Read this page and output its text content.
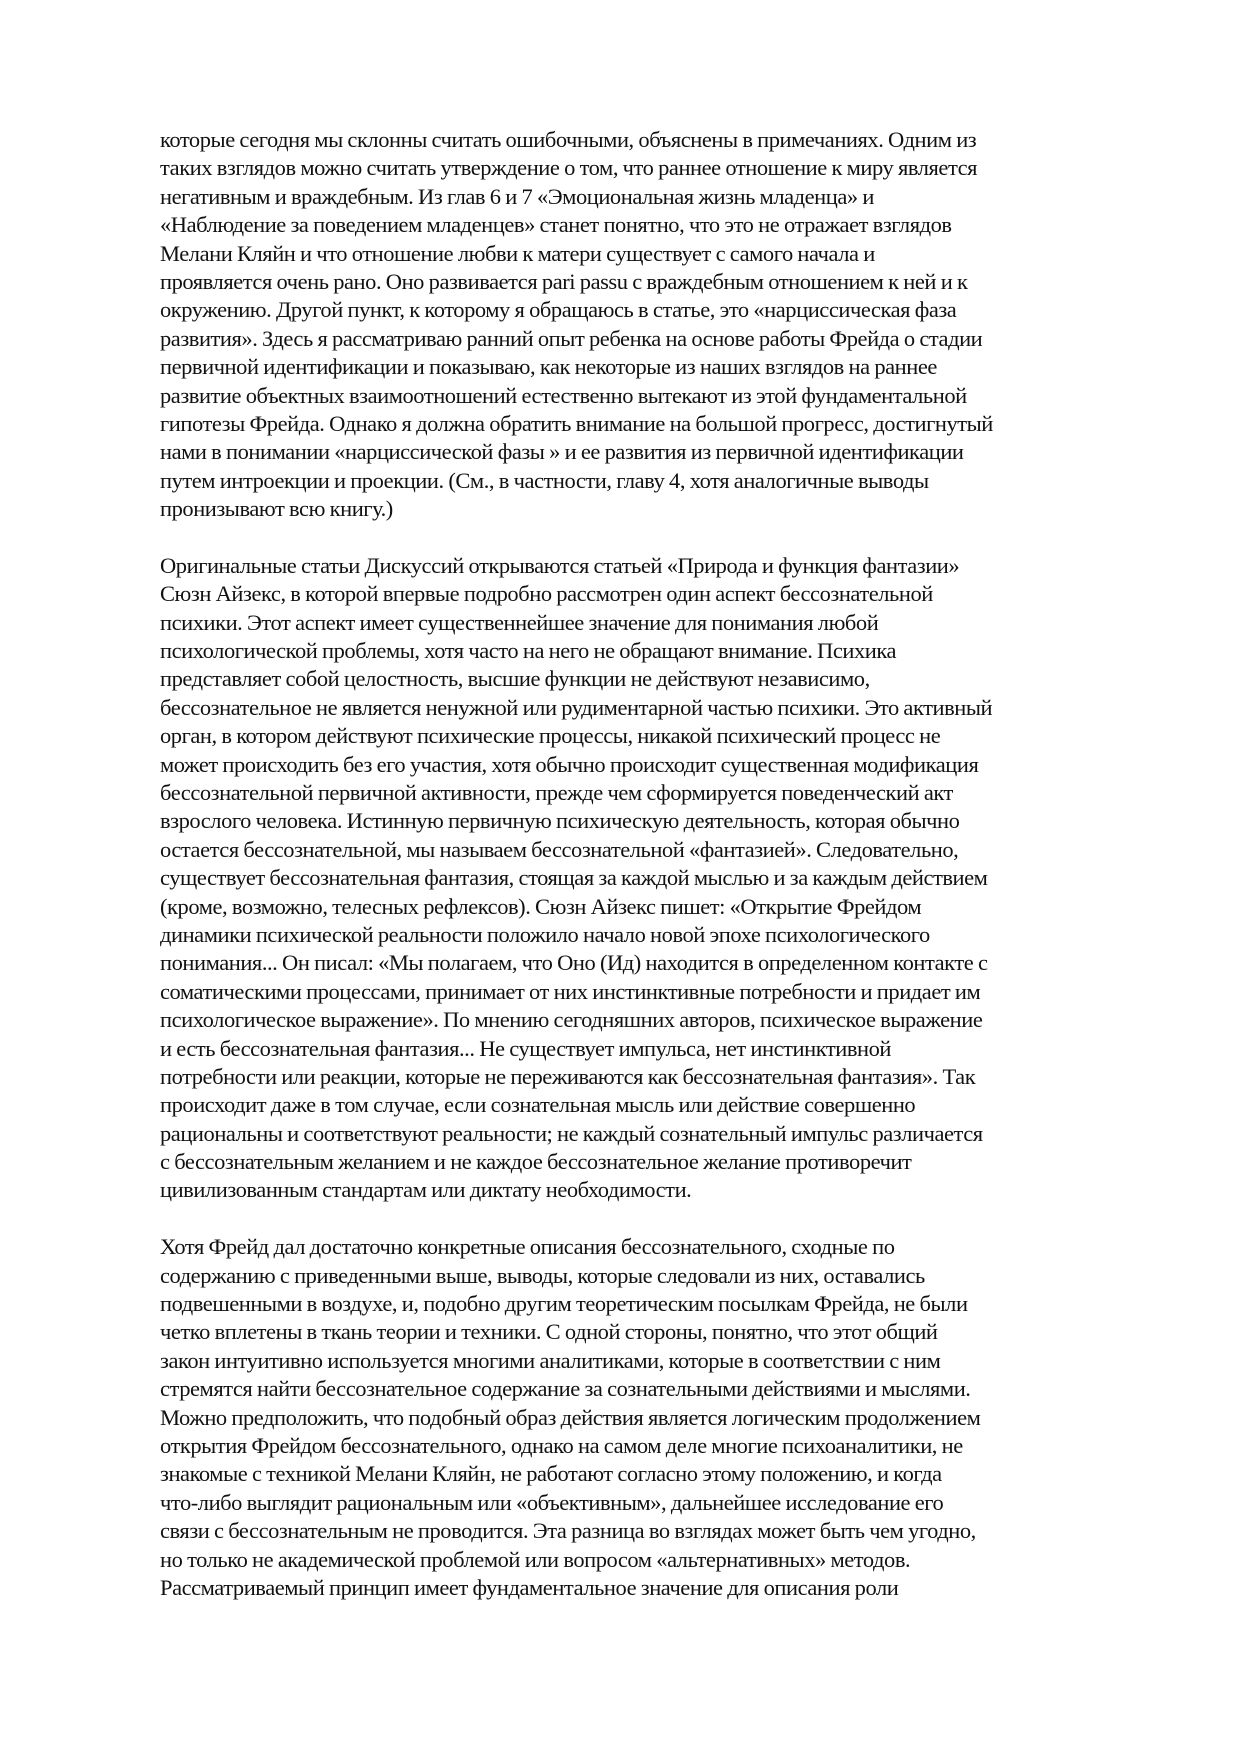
которые сегодня мы склонны считать ошибочными, объяснены в примечаниях. Одним из
таких взглядов можно считать утверждение о том, что раннее отношение к миру является
негативным и враждебным. Из глав 6 и 7 «Эмоциональная жизнь младенца» и
«Наблюдение за поведением младенцев» станет понятно, что это не отражает взглядов
Мелани Кляйн и что отношение любви к матери существует с самого начала и
проявляется очень рано. Оно развивается pari passu с враждебным отношением к ней и к
окружению. Другой пункт, к которому я обращаюсь в статье, это «нарциссическая фаза
развития». Здесь я рассматриваю ранний опыт ребенка на основе работы Фрейда о стадии
первичной идентификации и показываю, как некоторые из наших взглядов на раннее
развитие объектных взаимоотношений естественно вытекают из этой фундаментальной
гипотезы Фрейда. Однако я должна обратить внимание на большой прогресс, достигнутый
нами в понимании «нарциссической фазы » и ее развития из первичной идентификации
путем интроекции и проекции. (См., в частности, главу 4, хотя аналогичные выводы
пронизывают всю книгу.)
Оригинальные статьи Дискуссий открываются статьей «Природа и функция фантазии»
Сюзн Айзекс, в которой впервые подробно рассмотрен один аспект бессознательной
психики. Этот аспект имеет существеннейшее значение для понимания любой
психологической проблемы, хотя часто на него не обращают внимание. Психика
представляет собой целостность, высшие функции не действуют независимо,
бессознательное не является ненужной или рудиментарной частью психики. Это активный
орган, в котором действуют психические процессы, никакой психический процесс не
может происходить без его участия, хотя обычно происходит существенная модификация
бессознательной первичной активности, прежде чем сформируется поведенческий акт
взрослого человека. Истинную первичную психическую деятельность, которая обычно
остается бессознательной, мы называем бессознательной «фантазией». Следовательно,
существует бессознательная фантазия, стоящая за каждой мыслью и за каждым действием
(кроме, возможно, телесных рефлексов). Сюзн Айзекс пишет: «Открытие Фрейдом
динамики психической реальности положило начало новой эпохе психологического
понимания... Он писал: «Мы полагаем, что Оно (Ид) находится в определенном контакте с
соматическими процессами, принимает от них инстинктивные потребности и придает им
психологическое выражение». По мнению сегодняшних авторов, психическое выражение
и есть бессознательная фантазия... Не существует импульса, нет инстинктивной
потребности или реакции, которые не переживаются как бессознательная фантазия». Так
происходит даже в том случае, если сознательная мысль или действие совершенно
рациональны и соответствуют реальности; не каждый сознательный импульс различается
с бессознательным желанием и не каждое бессознательное желание противоречит
цивилизованным стандартам или диктату необходимости.
Хотя Фрейд дал достаточно конкретные описания бессознательного, сходные по
содержанию с приведенными выше, выводы, которые следовали из них, оставались
подвешенными в воздухе, и, подобно другим теоретическим посылкам Фрейда, не были
четко вплетены в ткань теории и техники. С одной стороны, понятно, что этот общий
закон интуитивно используется многими аналитиками, которые в соответствии с ним
стремятся найти бессознательное содержание за сознательными действиями и мыслями.
Можно предположить, что подобный образ действия является логическим продолжением
открытия Фрейдом бессознательного, однако на самом деле многие психоаналитики, не
знакомые с техникой Мелани Кляйн, не работают согласно этому положению, и когда
что-либо выглядит рациональным или «объективным», дальнейшее исследование его
связи с бессознательным не проводится. Эта разница во взглядах может быть чем угодно,
но только не академической проблемой или вопросом «альтернативных» методов.
Рассматриваемый принцип имеет фундаментальное значение для описания роли
